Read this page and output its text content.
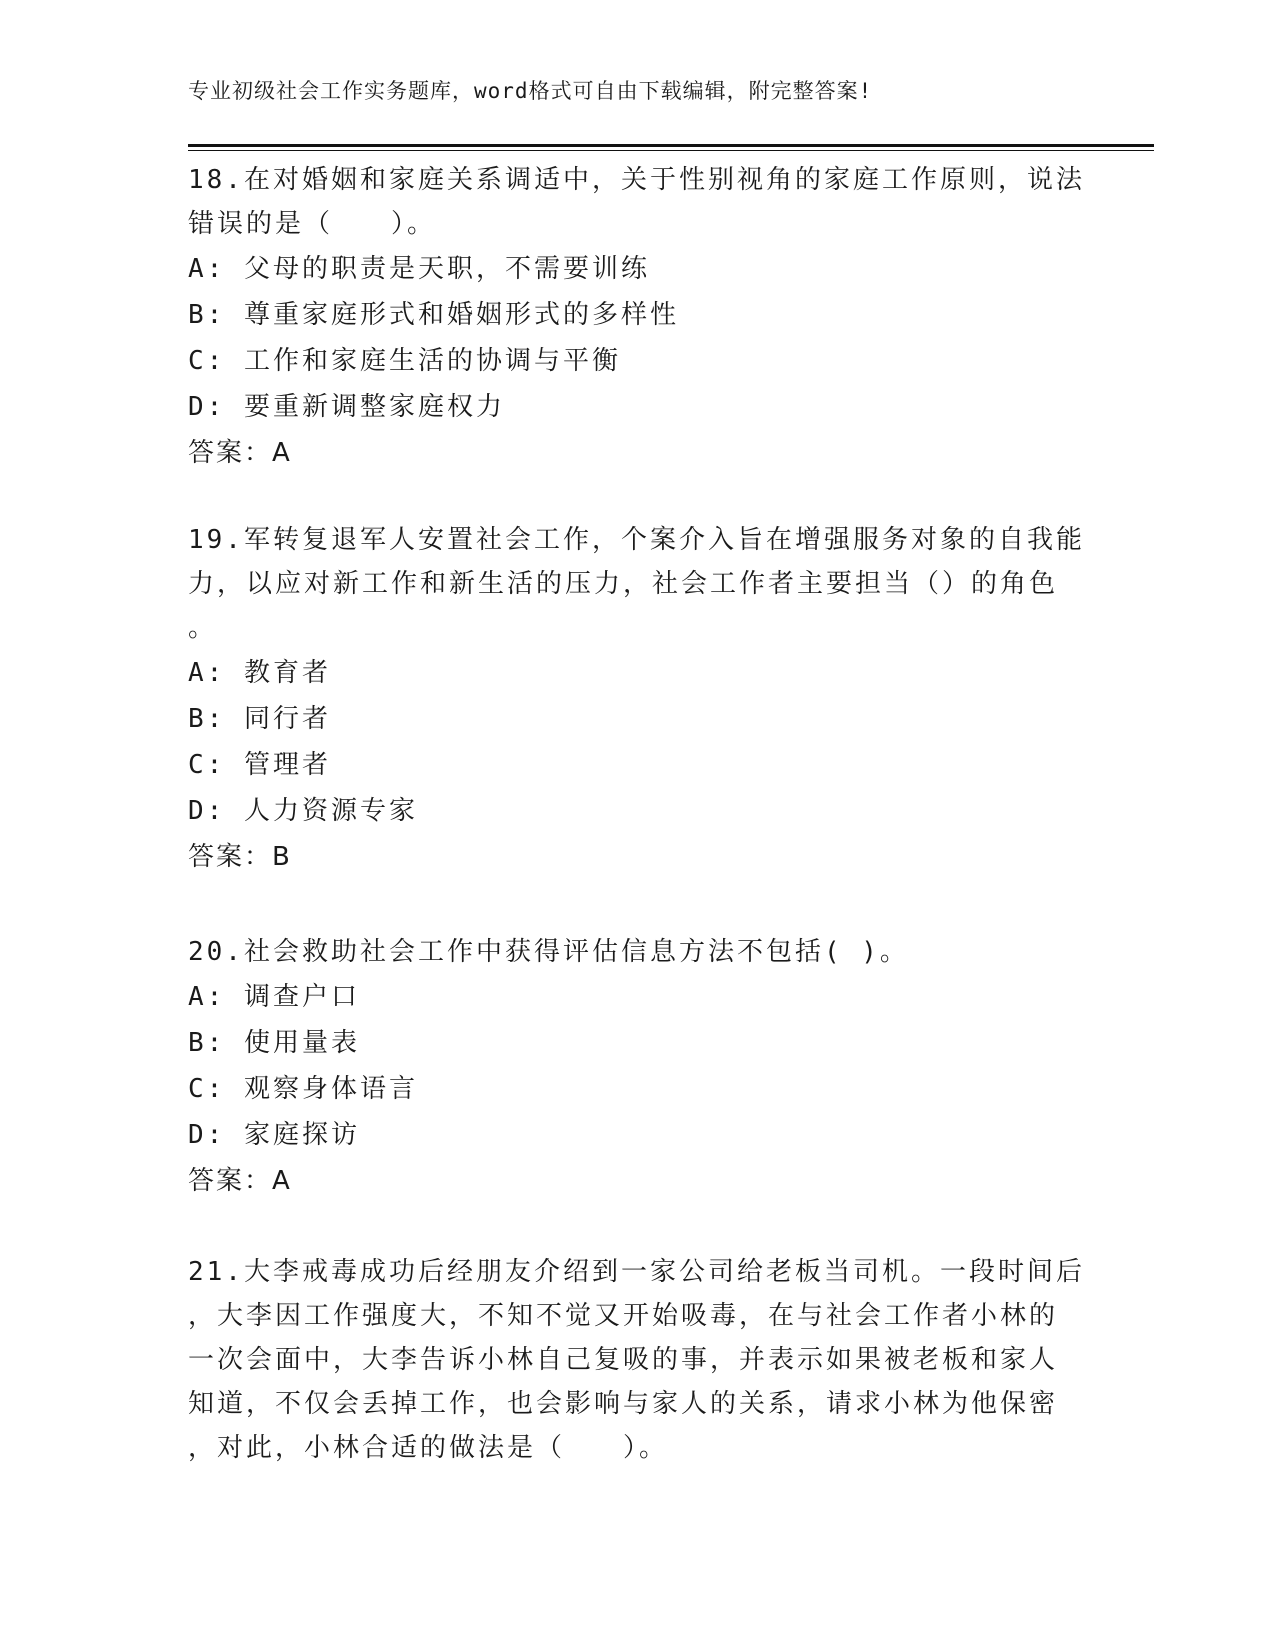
专业初级社会工作实务题库，word格式可自由下载编辑，附完整答案!

18.在对婚姻和家庭关系调适中，关于性别视角的家庭工作原则，说法

错误的是（　　）。

A: 父母的职责是天职，不需要训练

B: 尊重家庭形式和婚姻形式的多样性

C: 工作和家庭生活的协调与平衡

D: 要重新调整家庭权力

答案：A

19.军转复退军人安置社会工作，个案介入旨在增强服务对象的自我能

力，以应对新工作和新生活的压力，社会工作者主要担当（）的角色

。

A: 教育者

B: 同行者

C: 管理者

D: 人力资源专家

答案：B

20.社会救助社会工作中获得评估信息方法不包括( )。

A: 调查户口

B: 使用量表

C: 观察身体语言

D: 家庭探访

答案：A

21.大李戒毒成功后经朋友介绍到一家公司给老板当司机。一段时间后

，大李因工作强度大，不知不觉又开始吸毒，在与社会工作者小林的

一次会面中，大李告诉小林自己复吸的事，并表示如果被老板和家人

知道，不仅会丢掉工作，也会影响与家人的关系，请求小林为他保密

，对此，小林合适的做法是（　　）。
